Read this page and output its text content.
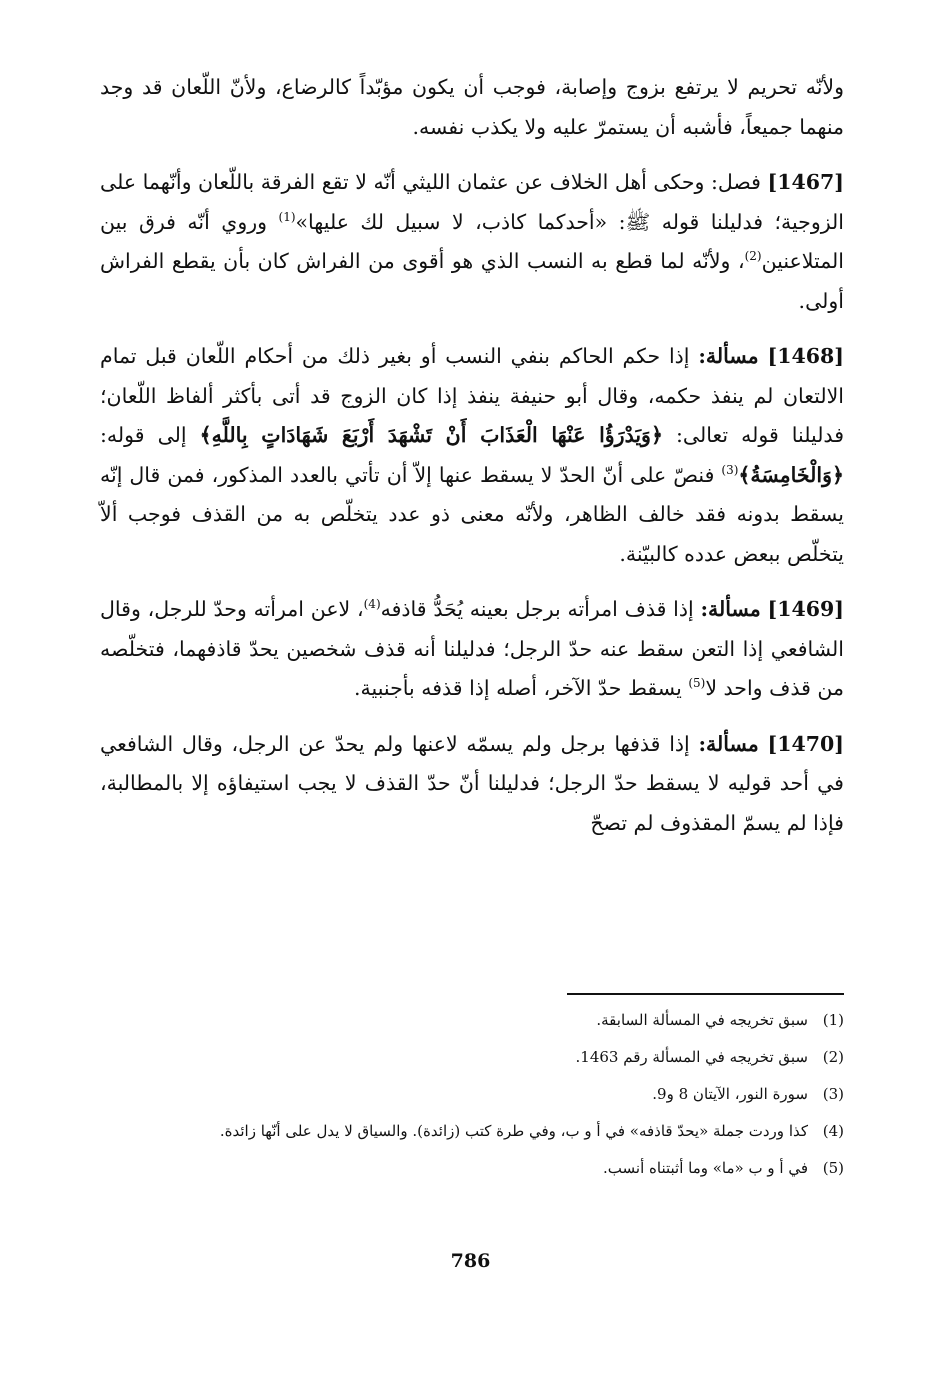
ولأنّه تحريم لا يرتفع بزوج وإصابة، فوجب أن يكون مؤبّداً كالرضاع، ولأنّ اللّعان قد وجد منهما جميعاً، فأشبه أن يستمرّ عليه ولا يكذب نفسه.

[1467] فصل: وحكى أهل الخلاف عن عثمان الليثي أنّه لا تقع الفرقة باللّعان وأنّهما على الزوجية؛ فدليلنا قوله ﷺ: «أحدكما كاذب، لا سبيل لك عليها»$^{(1)}$ وروي أنّه فرق بين المتلاعنين$^{(2)}$، ولأنّه لما قطع به النسب الذي هو أقوى من الفراش كان بأن يقطع الفراش أولى.

[1468] مسألة: إذا حكم الحاكم بنفي النسب أو بغير ذلك من أحكام اللّعان قبل تمام الالتعان لم ينفذ حكمه، وقال أبو حنيفة ينفذ إذا كان الزوج قد أتى بأكثر ألفاظ اللّعان؛ فدليلنا قوله تعالى: ﴿وَيَدْرَؤُا عَنْهَا الْعَذَابَ أَنْ تَشْهَدَ أَرْبَعَ شَهَادَاتٍ بِاللَّهِ﴾ إلى قوله: ﴿وَالْخَامِسَةُ﴾$^{(3)}$ فنصّ على أنّ الحدّ لا يسقط عنها إلاّ أن تأتي بالعدد المذكور، فمن قال إنّه يسقط بدونه فقد خالف الظاهر، ولأنّه معنى ذو عدد يتخلّص به من القذف فوجب ألاّ يتخلّص ببعض عدده كالبيّنة.

[1469] مسألة: إذا قذف امرأته برجل بعينه يُحَدُّ قاذفه$^{(4)}$، لاعن امرأته وحدّ للرجل، وقال الشافعي إذا التعن سقط عنه حدّ الرجل؛ فدليلنا أنه قذف شخصين يحدّ قاذفهما، فتخلّصه من قذف واحد لا$^{(5)}$ يسقط حدّ الآخر، أصله إذا قذفه بأجنبية.

[1470] مسألة: إذا قذفها برجل ولم يسمّه لاعنها ولم يحدّ عن الرجل، وقال الشافعي في أحد قوليه لا يسقط حدّ الرجل؛ فدليلنا أنّ حدّ القذف لا يجب استيفاؤه إلا بالمطالبة، فإذا لم يسمّ المقذوف لم تصحّ

(1)
سبق تخريجه في المسألة السابقة.
(2)
سبق تخريجه في المسألة رقم 1463.
(3)
سورة النور، الآيتان 8 و9.
(4)
كذا وردت جملة «يحدّ قاذفه» في أ و ب، وفي طرة كتب (زائدة). والسياق لا يدل على أنّها زائدة.
(5)
في أ و ب «ما» وما أثبتناه أنسب.
786
